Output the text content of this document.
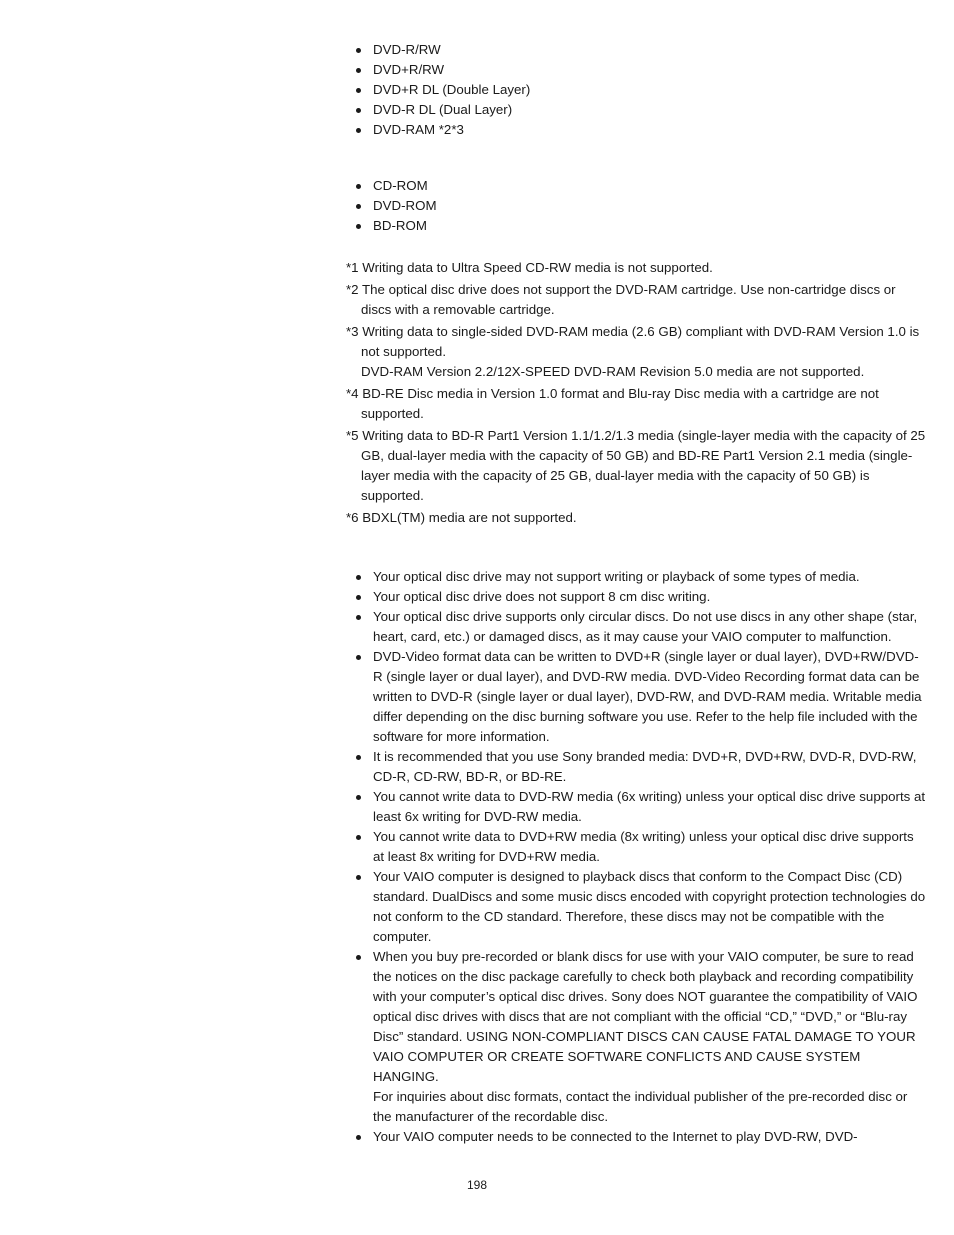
DVD-R/RW
DVD+R/RW
DVD+R DL (Double Layer)
DVD-R DL (Dual Layer)
DVD-RAM *2*3
CD-ROM
DVD-ROM
BD-ROM

*1 Writing data to Ultra Speed CD-RW media is not supported.

*2 The optical disc drive does not support the DVD-RAM cartridge. Use non-cartridge discs or discs with a removable cartridge.

*3 Writing data to single-sided DVD-RAM media (2.6 GB) compliant with DVD-RAM Version 1.0 is not supported.
DVD-RAM Version 2.2/12X-SPEED DVD-RAM Revision 5.0 media are not supported.

*4 BD-RE Disc media in Version 1.0 format and Blu-ray Disc media with a cartridge are not supported.

*5 Writing data to BD-R Part1 Version 1.1/1.2/1.3 media (single-layer media with the capacity of 25 GB, dual-layer media with the capacity of 50 GB) and BD-RE Part1 Version 2.1 media (single-layer media with the capacity of 25 GB, dual-layer media with the capacity of 50 GB) is supported.

*6 BDXL(TM) media are not supported.

Your optical disc drive may not support writing or playback of some types of media.

Your optical disc drive does not support 8 cm disc writing.

Your optical disc drive supports only circular discs. Do not use discs in any other shape (star, heart, card, etc.) or damaged discs, as it may cause your VAIO computer to malfunction.

DVD-Video format data can be written to DVD+R (single layer or dual layer), DVD+RW/DVD-R (single layer or dual layer), and DVD-RW media. DVD-Video Recording format data can be written to DVD-R (single layer or dual layer), DVD-RW, and DVD-RAM media. Writable media differ depending on the disc burning software you use. Refer to the help file included with the software for more information.

It is recommended that you use Sony branded media: DVD+R, DVD+RW, DVD-R, DVD-RW, CD-R, CD-RW, BD-R, or BD-RE.

You cannot write data to DVD-RW media (6x writing) unless your optical disc drive supports at least 6x writing for DVD-RW media.

You cannot write data to DVD+RW media (8x writing) unless your optical disc drive supports at least 8x writing for DVD+RW media.

Your VAIO computer is designed to playback discs that conform to the Compact Disc (CD) standard. DualDiscs and some music discs encoded with copyright protection technologies do not conform to the CD standard. Therefore, these discs may not be compatible with the computer.

When you buy pre-recorded or blank discs for use with your VAIO computer, be sure to read the notices on the disc package carefully to check both playback and recording compatibility with your computer’s optical disc drives. Sony does NOT guarantee the compatibility of VAIO optical disc drives with discs that are not compliant with the official “CD,” “DVD,” or “Blu-ray Disc” standard. USING NON-COMPLIANT DISCS CAN CAUSE FATAL DAMAGE TO YOUR VAIO COMPUTER OR CREATE SOFTWARE CONFLICTS AND CAUSE SYSTEM HANGING.

For inquiries about disc formats, contact the individual publisher of the pre-recorded disc or the manufacturer of the recordable disc.

Your VAIO computer needs to be connected to the Internet to play DVD-RW, DVD-

198
